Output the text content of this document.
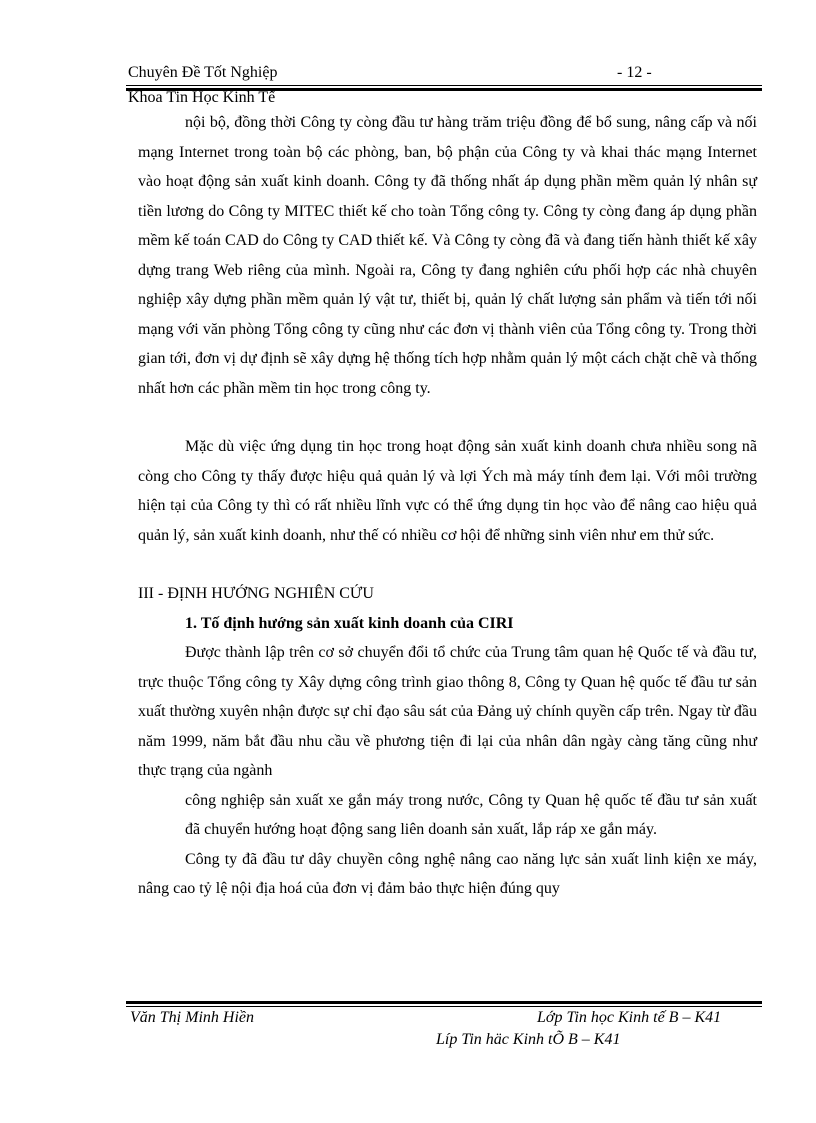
Chuyên Đề Tốt Nghiệp	- 12 -
Khoa Tin Học Kinh Tế

nội bộ, đồng thời Công ty còng đầu tư hàng trăm triệu đồng để bổ sung, nâng cấp và nối mạng Internet trong toàn bộ các phòng, ban, bộ phận của Công ty và khai thác mạng Internet vào hoạt động sản xuất kinh doanh. Công ty đã thống nhất áp dụng phần mềm quản lý nhân sự tiền lương do Công ty MITEC thiết kế cho toàn Tổng công ty. Công ty còng đang áp dụng phần mềm kế toán CAD do Công ty CAD thiết kế. Và Công ty còng đã và đang tiến hành thiết kế xây dựng trang Web riêng của mình. Ngoài ra, Công ty đang nghiên cứu phối hợp các nhà chuyên nghiệp xây dựng phần mềm quản lý vật tư, thiết bị, quản lý chất lượng sản phẩm và tiến tới nối mạng với văn phòng Tổng công ty cũng như các đơn vị thành viên của Tổng công ty. Trong thời gian tới, đơn vị dự định sẽ xây dựng hệ thống tích hợp nhằm quản lý một cách chặt chẽ và thống nhất hơn các phần mềm tin học trong công ty.

Mặc dù việc ứng dụng tin học trong hoạt động sản xuất kinh doanh chưa nhiều song nã còng cho Công ty thấy được hiệu quả quản lý và lợi Ých mà máy tính đem lại. Với môi trường hiện tại của Công ty thì có rất nhiều lĩnh vực có thể ứng dụng tin học vào để nâng cao hiệu quả quản lý, sản xuất kinh doanh, như thế có nhiều cơ hội để những sinh viên như em thử sức.

III - ĐỊNH HƯỚNG NGHIÊN CỨU

1. Tố định hướng sản xuất kinh doanh của CIRI

Được thành lập trên cơ sở chuyển đổi tổ chức của Trung tâm quan hệ Quốc tế và đầu tư, trực thuộc Tổng công ty Xây dựng công trình giao thông 8, Công ty Quan hệ quốc tế đầu tư sản xuất thường xuyên nhận được sự chỉ đạo sâu sát của Đảng uỷ chính quyền cấp trên. Ngay từ đầu năm 1999, năm bắt đầu nhu cầu về phương tiện đi lại của nhân dân ngày càng tăng cũng như thực trạng của ngành

công nghiệp sản xuất xe gắn máy trong nước, Công ty Quan hệ quốc tế đầu tư sản xuất đã chuyển hướng hoạt động sang liên doanh sản xuất, lắp ráp xe gắn máy.

Công ty đã đầu tư dây chuyền công nghệ nâng cao năng lực sản xuất linh kiện xe máy, nâng cao tỷ lệ nội địa hoá của đơn vị đảm bảo thực hiện đúng quy

Văn Thị Minh Hiền	Lớp Tin học Kinh tế B – K41
Líp Tin häc Kinh tÕ B – K41
